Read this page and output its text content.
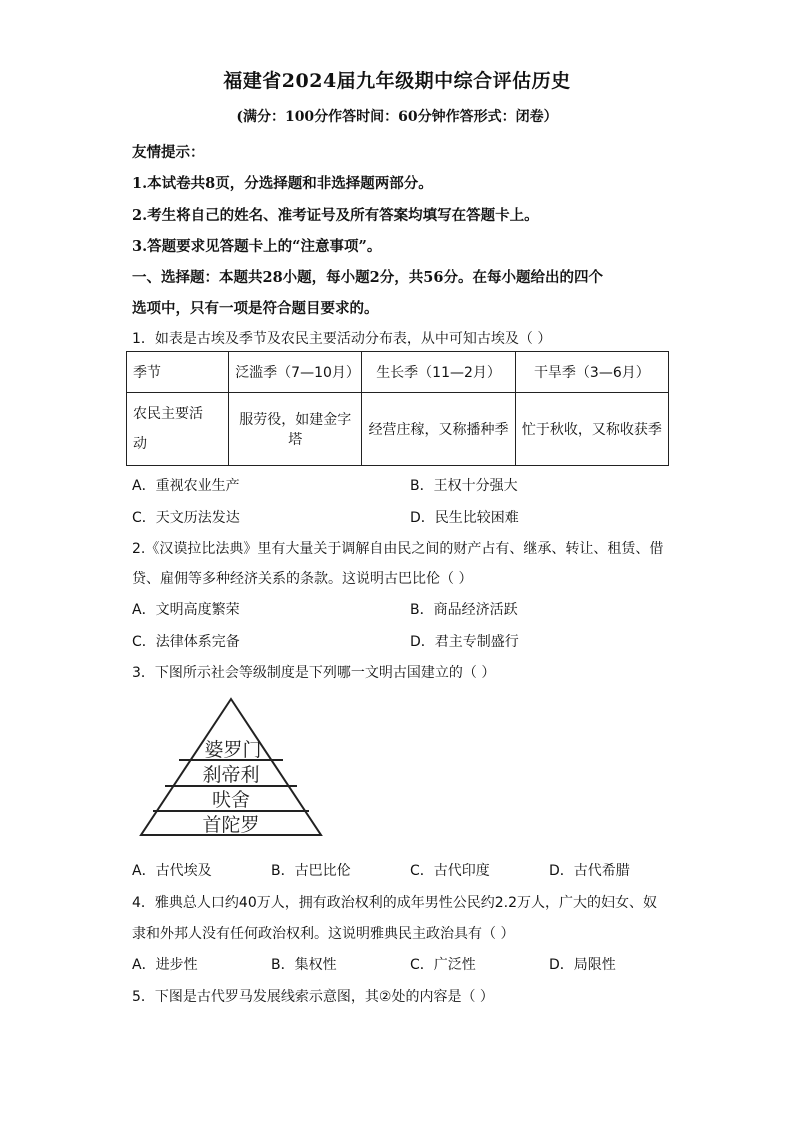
福建省2024届九年级期中综合评估历史
(满分：100分作答时间：60分钟作答形式：闭卷）
友情提示：
1.本试卷共8页，分选择题和非选择题两部分。
2.考生将自己的姓名、准考证号及所有答案均填写在答题卡上。
3.答题要求见答题卡上的“注意事项”。
一、选择题：本题共28小题，每小题2分，共56分。在每小题给出的四个
选项中，只有一项是符合题目要求的。
1．如表是古埃及季节及农民主要活动分布表，从中可知古埃及（ ）
季节	泛滥季（7—10月）	生长季（11—2月）	干旱季（3—6月）
农民主要活
动	服劳役，如建金字塔	经营庄稼，又称播种季	忙于秋收，又称收获季
A．重视农业生产	B．王权十分强大
C．天文历法发达	D．民生比较困难
2.《汉谟拉比法典》里有大量关于调解自由民之间的财产占有、继承、转让、租赁、借
贷、雇佣等多种经济关系的条款。这说明古巴比伦（ ）
A．文明高度繁荣	B．商品经济活跃
C．法律体系完备	D．君主专制盛行
3．下图所示社会等级制度是下列哪一文明古国建立的（ ）
婆罗门
刹帝利
吠舍
首陀罗
A．古代埃及	B．古巴比伦	C．古代印度	D．古代希腊
4．雅典总人口约40万人，拥有政治权利的成年男性公民约2.2万人，广大的妇女、奴
隶和外邦人没有任何政治权利。这说明雅典民主政治具有（ ）
A．进步性	B．集权性	C．广泛性	D．局限性
5．下图是古代罗马发展线索示意图，其②处的内容是（ ）
